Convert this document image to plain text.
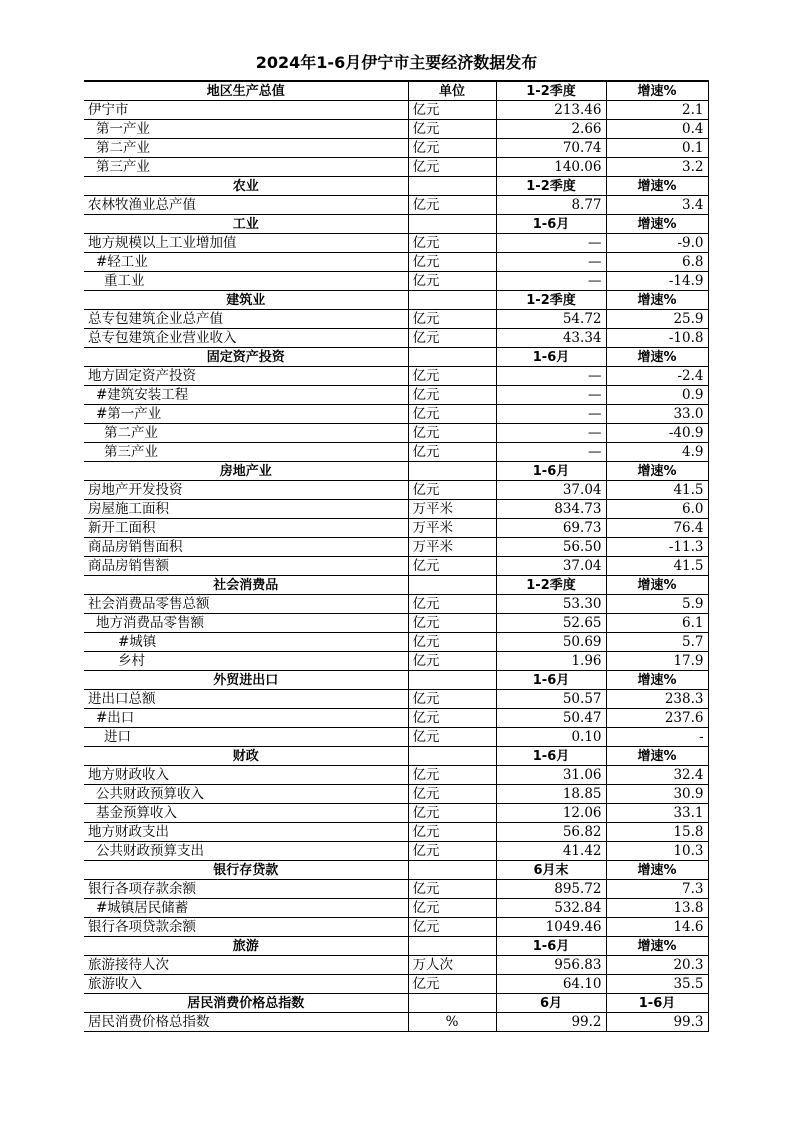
2024年1-6月伊宁市主要经济数据发布
地区生产总值	单位	1-2季度	增速%
伊宁市	亿元	213.46	2.1
第一产业	亿元	2.66	0.4
第二产业	亿元	70.74	0.1
第三产业	亿元	140.06	3.2
农业		1-2季度	增速%
农林牧渔业总产值	亿元	8.77	3.4
工业		1-6月	增速%
地方规模以上工业增加值	亿元	—	-9.0
#轻工业	亿元	—	6.8
重工业	亿元	—	-14.9
建筑业		1-2季度	增速%
总专包建筑企业总产值	亿元	54.72	25.9
总专包建筑企业营业收入	亿元	43.34	-10.8
固定资产投资		1-6月	增速%
地方固定资产投资	亿元	—	-2.4
#建筑安装工程	亿元	—	0.9
#第一产业	亿元	—	33.0
第二产业	亿元	—	-40.9
第三产业	亿元	—	4.9
房地产业		1-6月	增速%
房地产开发投资	亿元	37.04	41.5
房屋施工面积	万平米	834.73	6.0
新开工面积	万平米	69.73	76.4
商品房销售面积	万平米	56.50	-11.3
商品房销售额	亿元	37.04	41.5
社会消费品		1-2季度	增速%
社会消费品零售总额	亿元	53.30	5.9
地方消费品零售额	亿元	52.65	6.1
#城镇	亿元	50.69	5.7
乡村	亿元	1.96	17.9
外贸进出口		1-6月	增速%
进出口总额	亿元	50.57	238.3
#出口	亿元	50.47	237.6
进口	亿元	0.10	-
财政		1-6月	增速%
地方财政收入	亿元	31.06	32.4
公共财政预算收入	亿元	18.85	30.9
基金预算收入	亿元	12.06	33.1
地方财政支出	亿元	56.82	15.8
公共财政预算支出	亿元	41.42	10.3
银行存贷款		6月末	增速%
银行各项存款余额	亿元	895.72	7.3
#城镇居民储蓄	亿元	532.84	13.8
银行各项贷款余额	亿元	1049.46	14.6
旅游		1-6月	增速%
旅游接待人次	万人次	956.83	20.3
旅游收入	亿元	64.10	35.5
居民消费价格总指数		6月	1-6月
居民消费价格总指数	%	99.2	99.3
